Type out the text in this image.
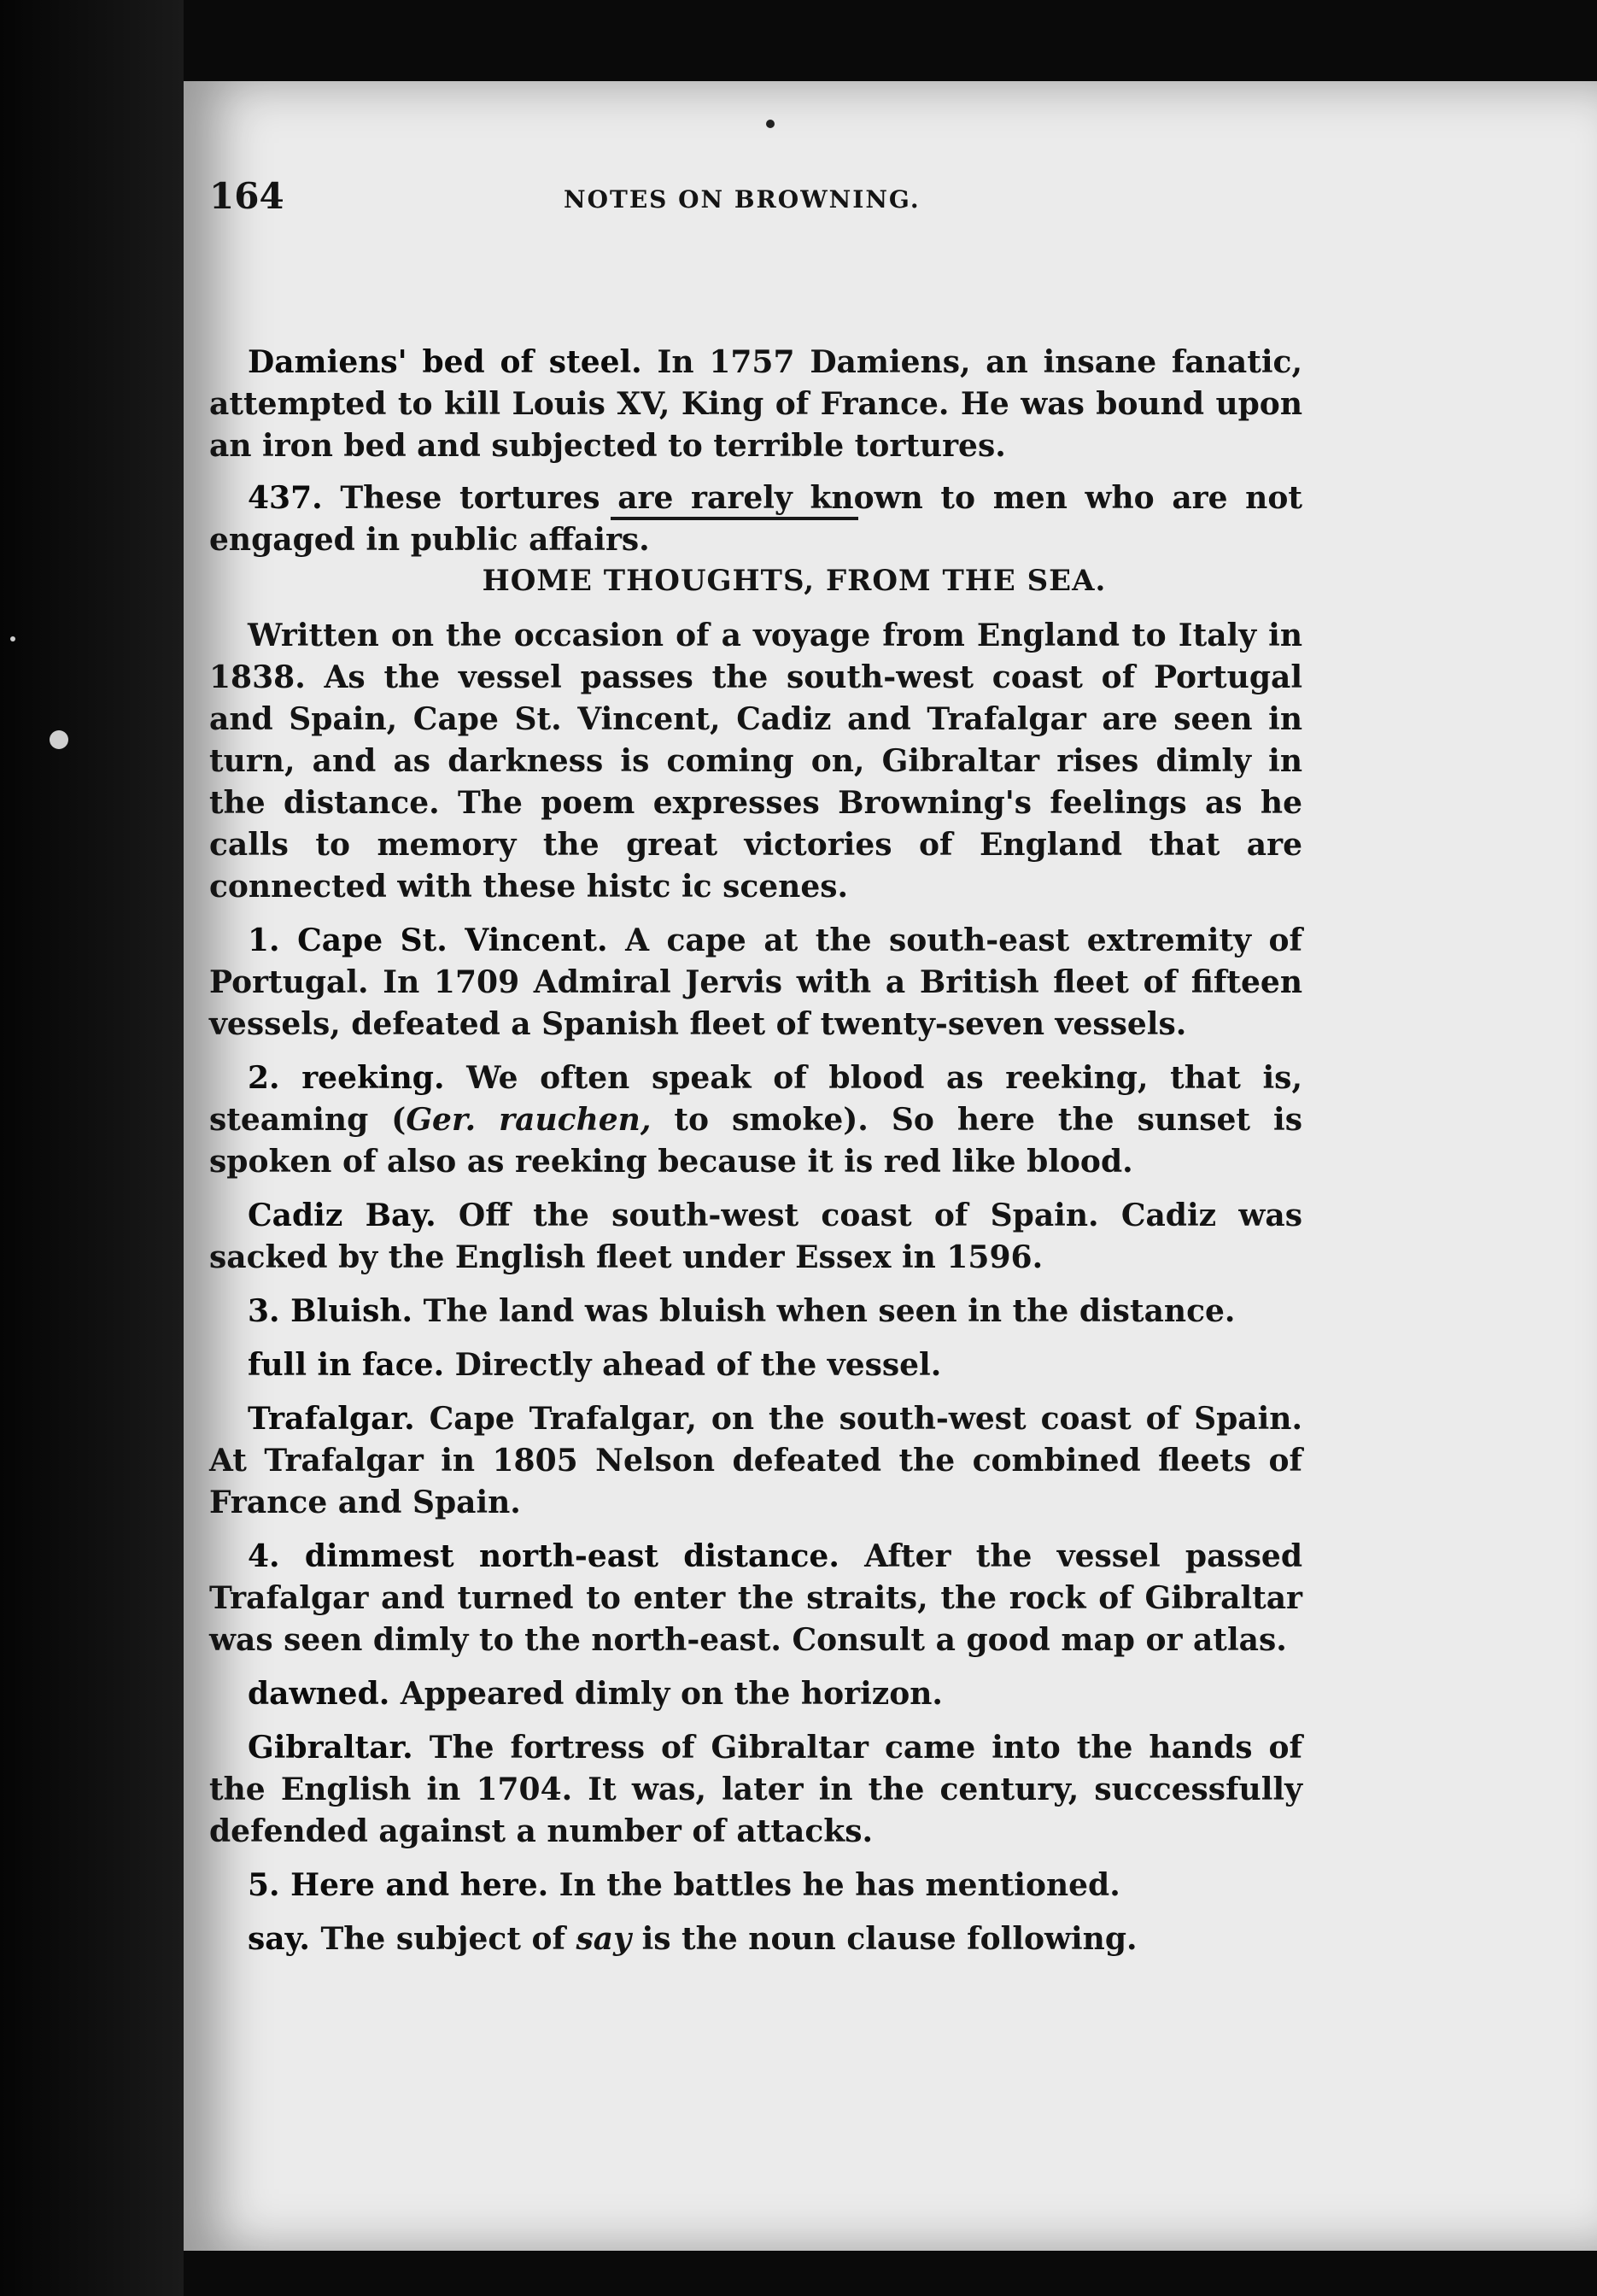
164	NOTES ON BROWNING.

Damiens' bed of steel. In 1757 Damiens, an insane fanatic, attempted to kill Louis XV, King of France. He was bound upon an iron bed and subjected to terrible tortures.

437. These tortures are rarely known to men who are not engaged in public affairs.

HOME THOUGHTS, FROM THE SEA.

Written on the occasion of a voyage from England to Italy in 1838. As the vessel passes the south-west coast of Portugal and Spain, Cape St. Vincent, Cadiz and Trafalgar are seen in turn, and as darkness is coming on, Gibraltar rises dimly in the distance. The poem expresses Browning's feelings as he calls to memory the great victories of England that are connected with these histc ic scenes.

1. Cape St. Vincent. A cape at the south-east extremity of Portugal. In 1709 Admiral Jervis with a British fleet of fifteen vessels, defeated a Spanish fleet of twenty-seven vessels.

2. reeking. We often speak of blood as reeking, that is, steaming (Ger. rauchen, to smoke). So here the sunset is spoken of also as reeking because it is red like blood.

Cadiz Bay. Off the south-west coast of Spain. Cadiz was sacked by the English fleet under Essex in 1596.

3. Bluish. The land was bluish when seen in the distance.

full in face. Directly ahead of the vessel.

Trafalgar. Cape Trafalgar, on the south-west coast of Spain. At Trafalgar in 1805 Nelson defeated the combined fleets of France and Spain.

4. dimmest north-east distance. After the vessel passed Trafalgar and turned to enter the straits, the rock of Gibraltar was seen dimly to the north-east. Consult a good map or atlas.

dawned. Appeared dimly on the horizon.

Gibraltar. The fortress of Gibraltar came into the hands of the English in 1704. It was, later in the century, successfully defended against a number of attacks.

5. Here and here. In the battles he has mentioned.

say. The subject of say is the noun clause following.
